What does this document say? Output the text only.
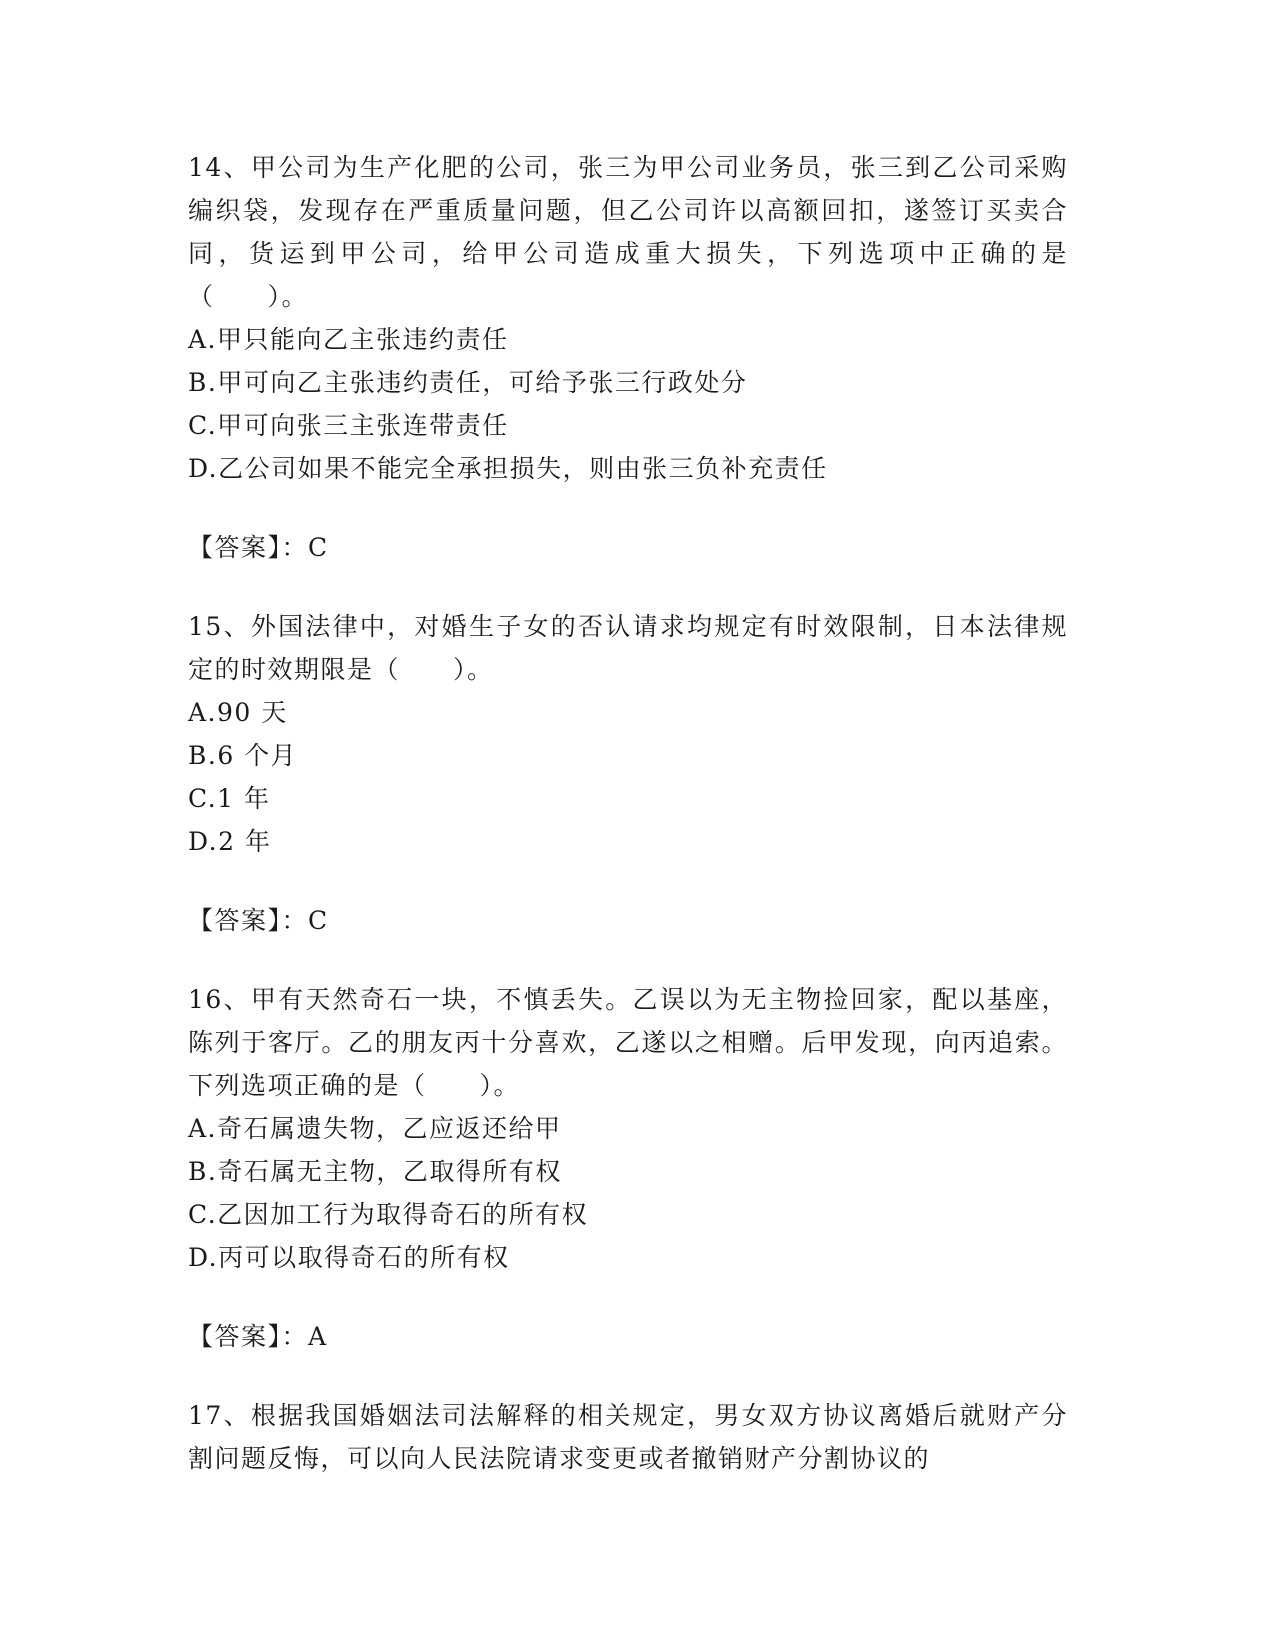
14、甲公司为生产化肥的公司，张三为甲公司业务员，张三到乙公司采购编织袋，发现存在严重质量问题，但乙公司许以高额回扣，遂签订买卖合同，货运到甲公司，给甲公司造成重大损失，下列选项中正确的是（　　）。

A.甲只能向乙主张违约责任

B.甲可向乙主张违约责任，可给予张三行政处分

C.甲可向张三主张连带责任

D.乙公司如果不能完全承担损失，则由张三负补充责任

【答案】：C

15、外国法律中，对婚生子女的否认请求均规定有时效限制，日本法律规定的时效期限是（　　）。

A.90 天

B.6 个月

C.1 年

D.2 年

【答案】：C

16、甲有天然奇石一块，不慎丢失。乙误以为无主物捡回家，配以基座，陈列于客厅。乙的朋友丙十分喜欢，乙遂以之相赠。后甲发现，向丙追索。下列选项正确的是（　　）。

A.奇石属遗失物，乙应返还给甲

B.奇石属无主物，乙取得所有权

C.乙因加工行为取得奇石的所有权

D.丙可以取得奇石的所有权

【答案】：A

17、根据我国婚姻法司法解释的相关规定，男女双方协议离婚后就财产分割问题反悔，可以向人民法院请求变更或者撤销财产分割协议的
